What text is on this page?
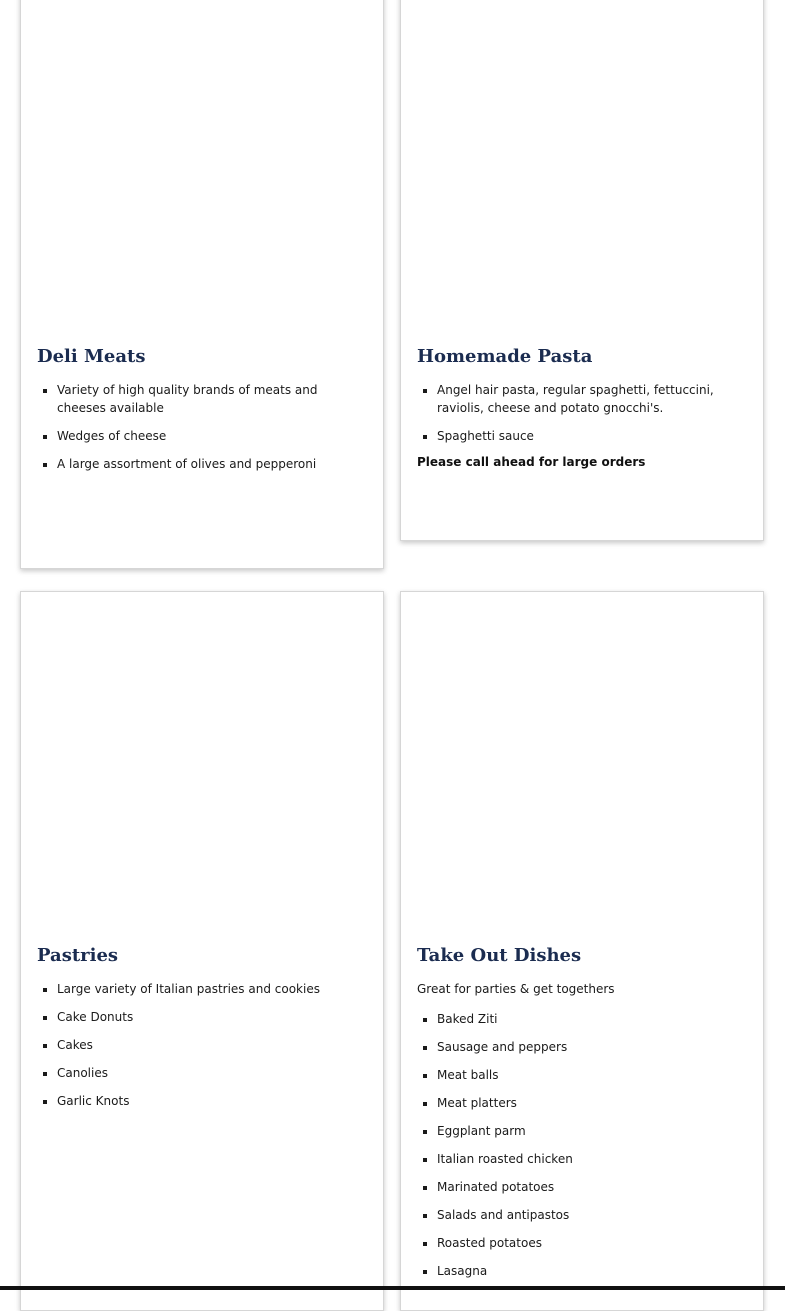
Deli Meats
▪ Variety of high quality brands of meats and cheeses available
▪ Wedges of cheese
▪ A large assortment of olives and pepperoni
Homemade Pasta
▪ Angel hair pasta, regular spaghetti, fettuccini, raviolis, cheese and potato gnocchi's.
▪ Spaghetti sauce

Please call ahead for large orders

Pastries
▪ Large variety of Italian pastries and cookies
▪ Cake Donuts
▪ Cakes
▪ Canolies
▪ Garlic Knots
Take Out Dishes

Great for parties & get togethers

▪ Baked Ziti
▪ Sausage and peppers
▪ Meat balls
▪ Meat platters
▪ Eggplant parm
▪ Italian roasted chicken
▪ Marinated potatoes
▪ Salads and antipastos
▪ Roasted potatoes
▪ Lasagna
